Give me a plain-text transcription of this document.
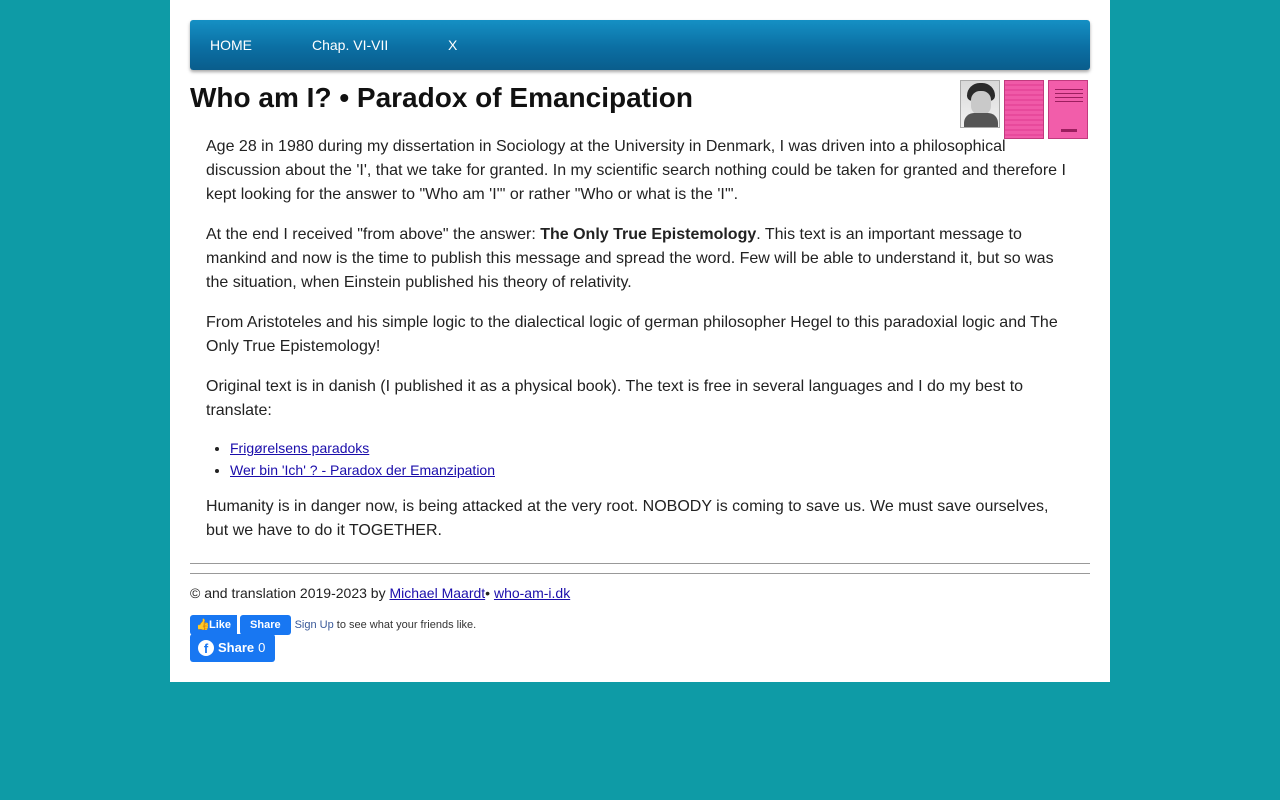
HOME	Chap. VI-VII	X
Who am I? • Paradox of Emancipation

Age 28 in 1980 during my dissertation in Sociology at the University in Denmark, I was driven into a philosophical discussion about the 'I', that we take for granted. In my scientific search nothing could be taken for granted and therefore I kept looking for the answer to "Who am 'I'" or rather "Who or what is the 'I'".

At the end I received "from above" the answer: The Only True Epistemology. This text is an important message to mankind and now is the time to publish this message and spread the word. Few will be able to understand it, but so was the situation, when Einstein published his theory of relativity.

From Aristoteles and his simple logic to the dialectical logic of german philosopher Hegel to this paradoxial logic and The Only True Epistemology!

Original text is in danish (I published it as a physical book). The text is free in several languages and I do my best to translate:

• Frigørelsens paradoks
• Wer bin 'Ich' ? - Paradox der Emanzipation

Humanity is in danger now, is being attacked at the very root. NOBODY is coming to save us. We must save ourselves, but we have to do it TOGETHER.

© and translation 2019-2023 by Michael Maardt• who-am-i.dk
👍Like Share Sign Up to see what your friends like.
f Share 0
